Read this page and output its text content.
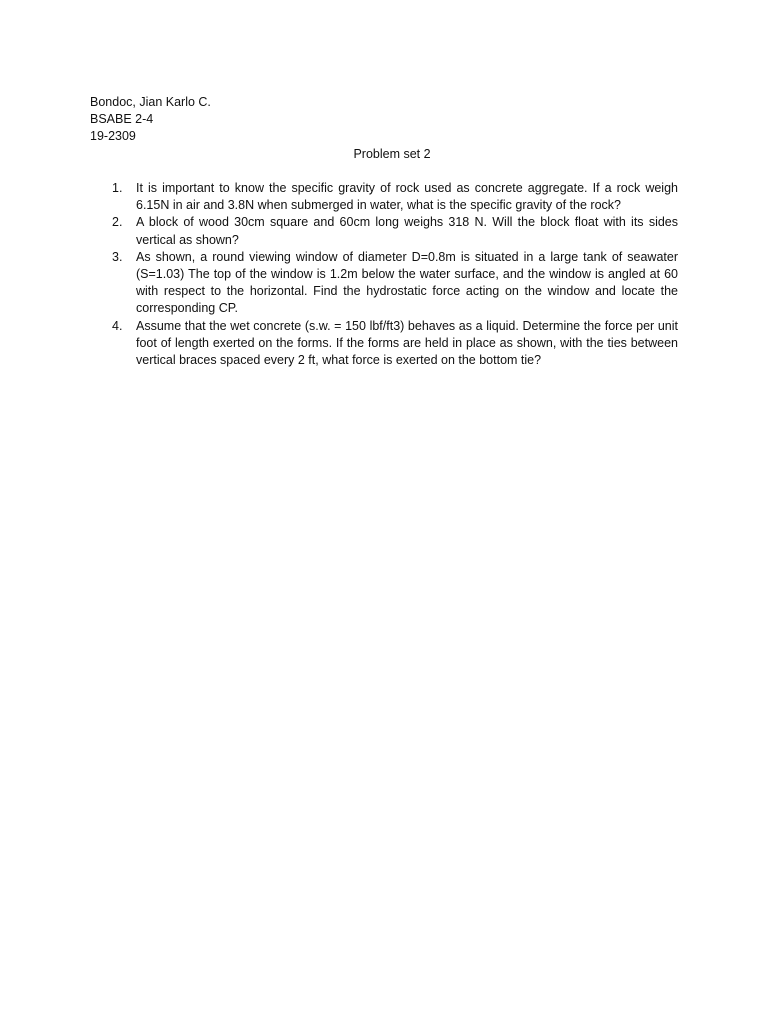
Bondoc, Jian Karlo C.
BSABE 2-4
19-2309
Problem set 2
1. It is important to know the specific gravity of rock used as concrete aggregate. If a rock weigh 6.15N in air and 3.8N when submerged in water, what is the specific gravity of the rock?
2. A block of wood 30cm square and 60cm long weighs 318 N. Will the block float with its sides vertical as shown?
3. As shown, a round viewing window of diameter D=0.8m is situated in a large tank of seawater (S=1.03) The top of the window is 1.2m below the water surface, and the window is angled at 60 with respect to the horizontal. Find the hydrostatic force acting on the window and locate the corresponding CP.
4. Assume that the wet concrete (s.w. = 150 lbf/ft3) behaves as a liquid. Determine the force per unit foot of length exerted on the forms. If the forms are held in place as shown, with the ties between vertical braces spaced every 2 ft, what force is exerted on the bottom tie?
